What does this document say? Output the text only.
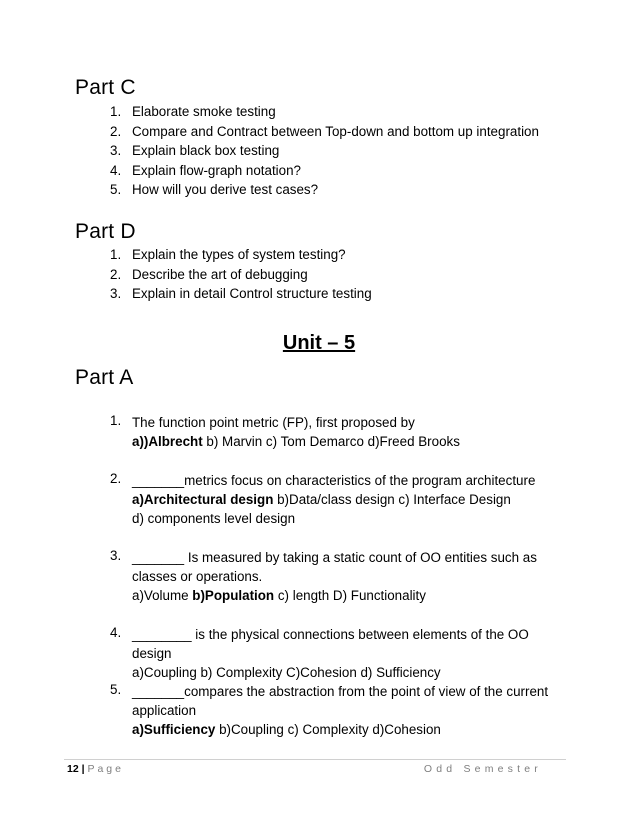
Part C
1. Elaborate smoke testing
2. Compare and Contract between Top-down and bottom up integration
3. Explain black box testing
4. Explain flow-graph notation?
5. How will you derive test cases?
Part D
1. Explain the types of system testing?
2. Describe the art of debugging
3. Explain in detail Control structure testing
Unit – 5
Part A
1. The function point metric (FP), first proposed by
a))Albrecht b) Marvin c) Tom Demarco d)Freed Brooks
2. _______metrics focus on characteristics of the program architecture
a)Architectural design b)Data/class design c) Interface Design
d) components level design
3. _______ Is measured by taking a static count of OO entities such as
classes or operations.
a)Volume b)Population c) length D) Functionality
4. ________ is the physical connections between elements of the OO
design
a)Coupling b) Complexity C)Cohesion d) Sufficiency
5. _______compares the abstraction from the point of view of the current
application
a)Sufficiency b)Coupling c) Complexity d)Cohesion
12 | Page	Odd Semester
